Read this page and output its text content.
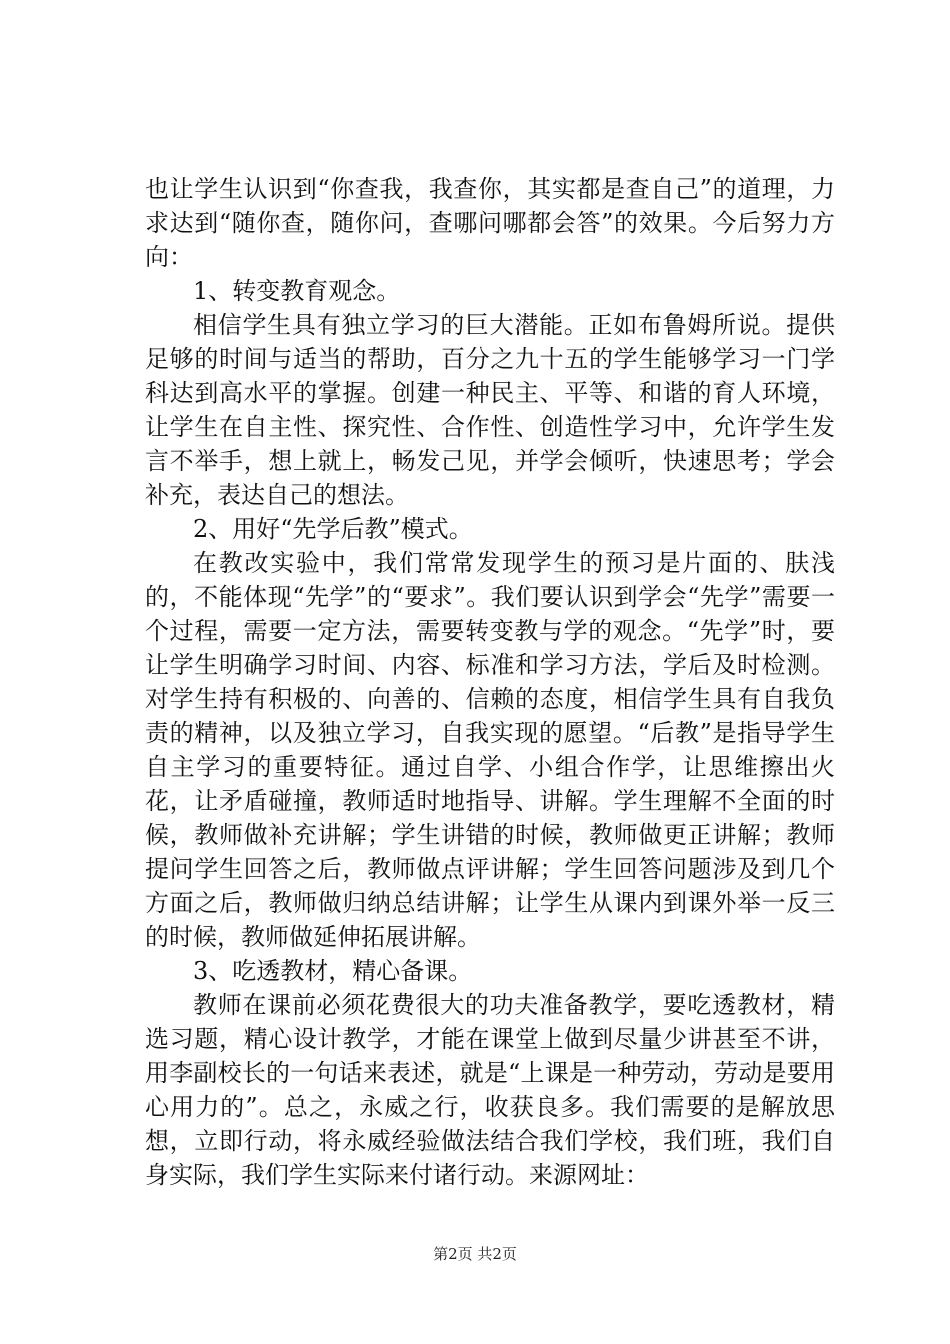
也让学生认识到“你查我，我查你，其实都是查自己”的道理，力求达到“随你查，随你问，查哪问哪都会答”的效果。今后努力方向：

1、转变教育观念。

相信学生具有独立学习的巨大潜能。正如布鲁姆所说。提供足够的时间与适当的帮助，百分之九十五的学生能够学习一门学科达到高水平的掌握。创建一种民主、平等、和谐的育人环境，让学生在自主性、探究性、合作性、创造性学习中，允许学生发言不举手，想上就上，畅发己见，并学会倾听，快速思考；学会补充，表达自己的想法。

2、用好“先学后教”模式。

在教改实验中，我们常常发现学生的预习是片面的、肤浅的，不能体现“先学”的“要求”。我们要认识到学会“先学”需要一个过程，需要一定方法，需要转变教与学的观念。“先学”时，要让学生明确学习时间、内容、标准和学习方法，学后及时检测。对学生持有积极的、向善的、信赖的态度，相信学生具有自我负责的精神，以及独立学习，自我实现的愿望。“后教”是指导学生自主学习的重要特征。通过自学、小组合作学，让思维擦出火花，让矛盾碰撞，教师适时地指导、讲解。学生理解不全面的时候，教师做补充讲解；学生讲错的时候，教师做更正讲解；教师提问学生回答之后，教师做点评讲解；学生回答问题涉及到几个方面之后，教师做归纳总结讲解；让学生从课内到课外举一反三的时候，教师做延伸拓展讲解。

3、吃透教材，精心备课。

教师在课前必须花费很大的功夫准备教学，要吃透教材，精选习题，精心设计教学，才能在课堂上做到尽量少讲甚至不讲，用李副校长的一句话来表述，就是“上课是一种劳动，劳动是要用心用力的”。总之，永威之行，收获良多。我们需要的是解放思想，立即行动，将永威经验做法结合我们学校，我们班，我们自身实际，我们学生实际来付诸行动。来源网址：

第2页 共2页
